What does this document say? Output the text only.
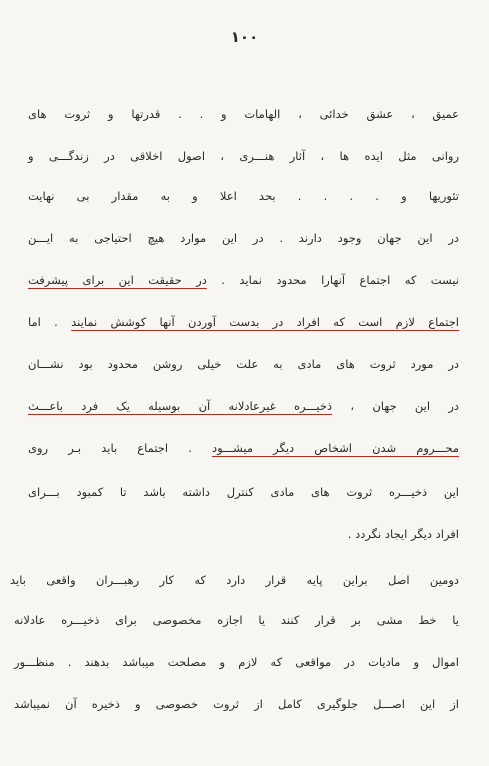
١٠٠
عمیق ، عشق خدائی ، الهامات و . . قدرتها و ثروت های
روانی مثل ایده ها ، آثار هنـــری ، اصول اخلاقی در زندگـــی و
تئوریها و . . . . بحد اعلا و به مقدار بی نهایت
در این جهان وجود دارند . در این موارد هیچ احتیاجی به ایـــن
نیست که اجتماع آنهارا محدود نماید . در حقیقت این برای پیشرفت
اجتماع لازم است که افراد در بدست آوردن آنها کوشش نمایند . اما
در مورد ثروت های مادی به علت خیلی روشن محدود بود نشـــان
در این جهان ، ذخیـــره غیرعادلانه آن بوسیله یک فرد باعـــث
محـــروم شدن اشخاص دیگر میشـــود . اجتماع باید بـر روی
این ذخیـــره ثروت های مادی کنترل داشته باشد تا کمبود بـــرای
افراد دیگر ایجاد نگردد .
دومین اصل براین پایه قرار دارد که کار رهبـــران واقعی باید
یا خط مشی بر قرار کنند یا اجازه مخصوصی برای ذخیـــره عادلانه
اموال و مادیات در مواقعی که لازم و مصلحت میباشد بدهند . منظـــور
از این اصـــل جلوگیری کامل از ثروت خصوصی و ذخیره آن نمیباشد
